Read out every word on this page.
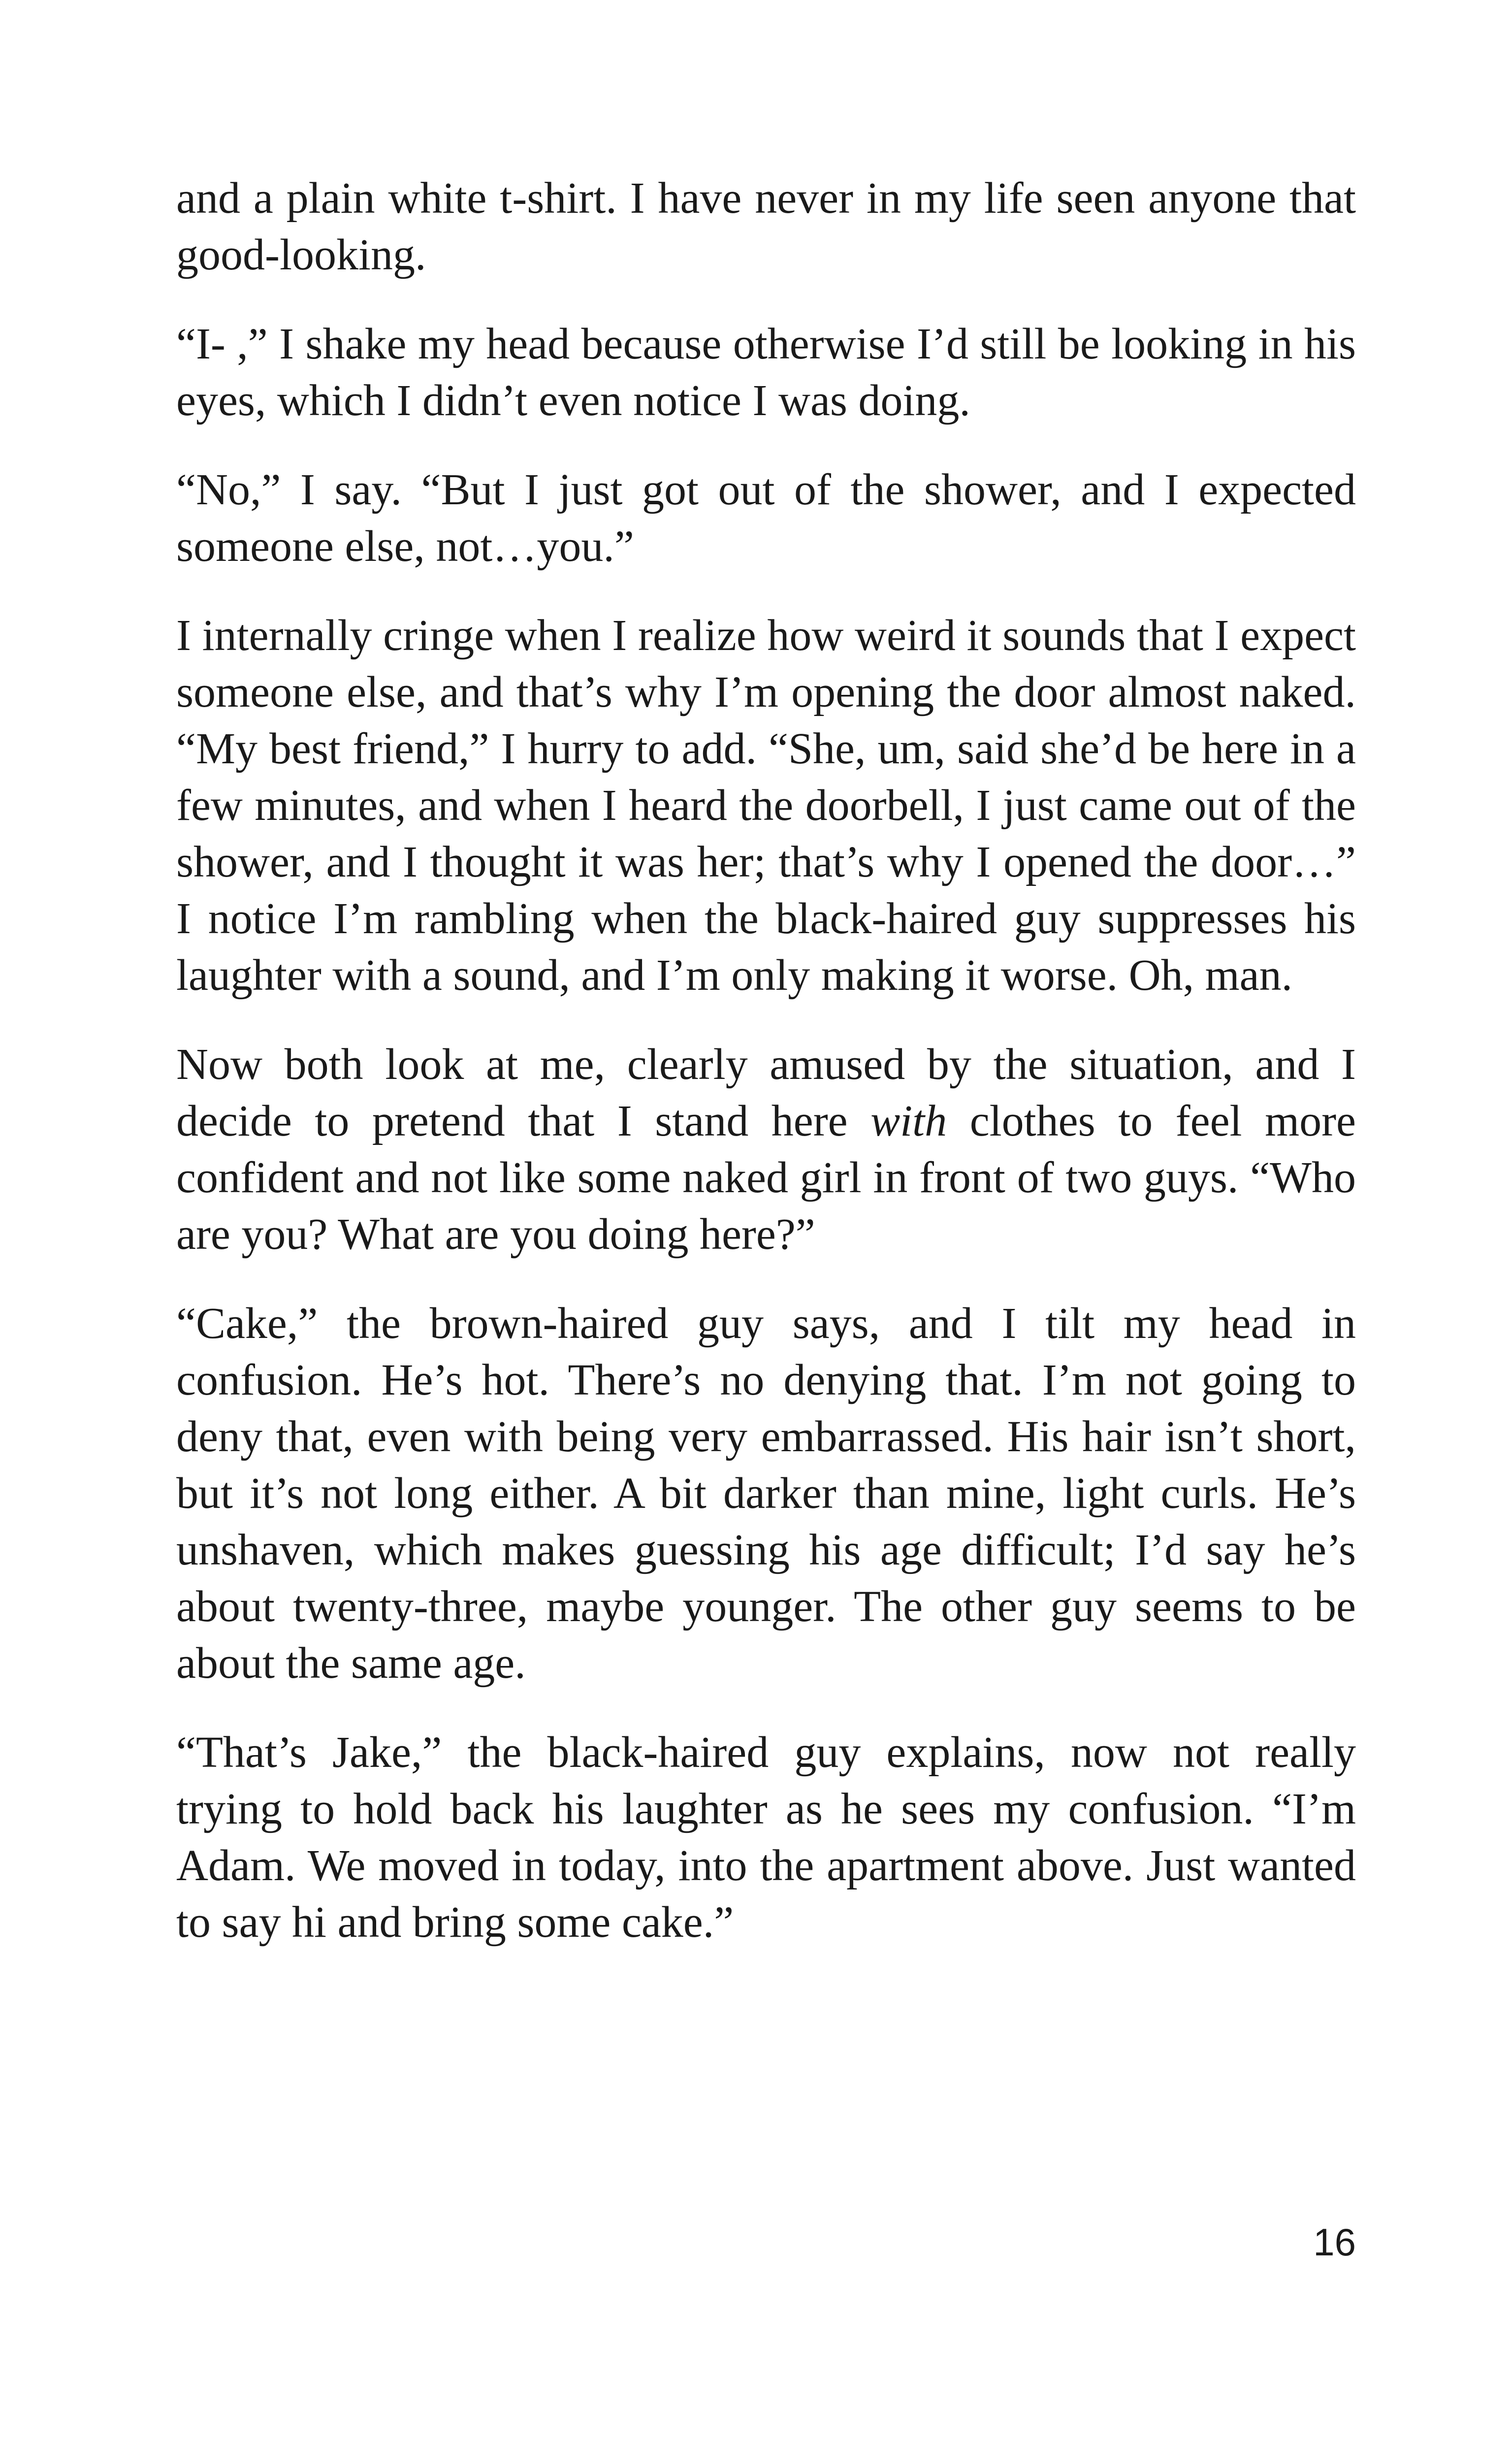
and a plain white t-shirt. I have never in my life seen anyone that good-looking.

“I- ,” I shake my head because otherwise I’d still be looking in his eyes, which I didn’t even notice I was doing.

“No,” I say. “But I just got out of the shower, and I expected someone else, not…you.”

I internally cringe when I realize how weird it sounds that I expect someone else, and that’s why I’m opening the door almost naked. “My best friend,” I hurry to add. “She, um, said she’d be here in a few minutes, and when I heard the doorbell, I just came out of the shower, and I thought it was her; that’s why I opened the door…” I notice I’m rambling when the black-haired guy suppresses his laughter with a sound, and I’m only making it worse. Oh, man.

Now both look at me, clearly amused by the situation, and I decide to pretend that I stand here with clothes to feel more confident and not like some naked girl in front of two guys. “Who are you? What are you doing here?”

“Cake,” the brown-haired guy says, and I tilt my head in confusion. He’s hot. There’s no denying that. I’m not going to deny that, even with being very embarrassed. His hair isn’t short, but it’s not long either. A bit darker than mine, light curls. He’s unshaven, which makes guessing his age difficult; I’d say he’s about twenty-three, maybe younger. The other guy seems to be about the same age.

“That’s Jake,” the black-haired guy explains, now not really trying to hold back his laughter as he sees my confusion. “I’m Adam. We moved in today, into the apartment above. Just wanted to say hi and bring some cake.”

16
